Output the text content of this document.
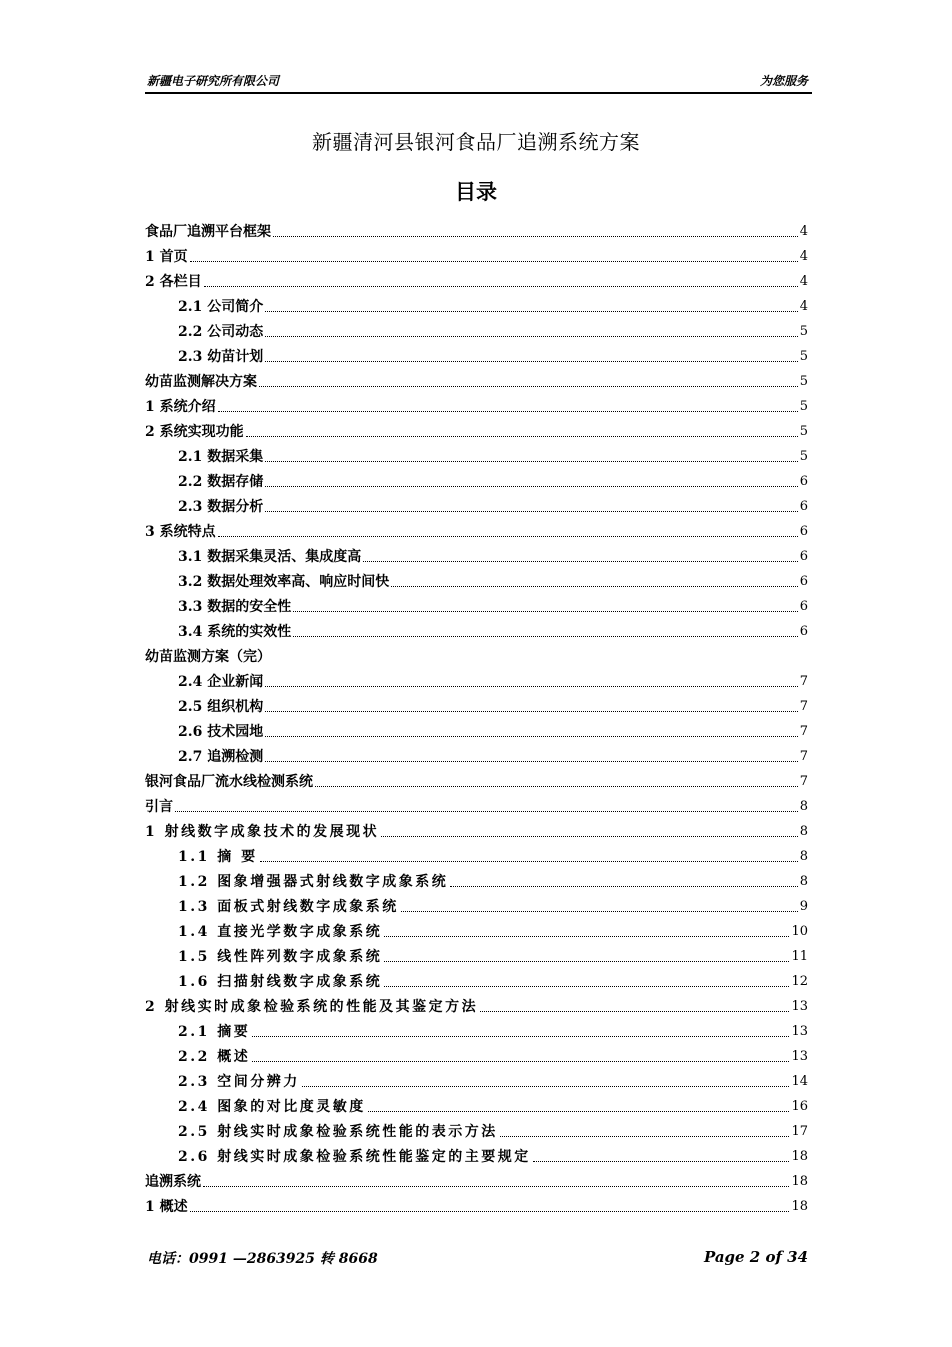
新疆电子研究所有限公司	为您服务
新疆清河县银河食品厂追溯系统方案
目录
食品厂追溯平台框架	4
1 首页	4
2 各栏目	4
2.1 公司简介	4
2.2 公司动态	5
2.3 幼苗计划	5
幼苗监测解决方案	5
1 系统介绍	5
2 系统实现功能	5
2.1 数据采集	5
2.2 数据存储	6
2.3 数据分析	6
3 系统特点	6
3.1 数据采集灵活、集成度高	6
3.2 数据处理效率高、响应时间快	6
3.3 数据的安全性	6
3.4 系统的实效性	6
幼苗监测方案（完）
2.4 企业新闻	7
2.5 组织机构	7
2.6 技术园地	7
2.7 追溯检测	7
银河食品厂流水线检测系统	7
引言	8
1 射线数字成象技术的发展现状	8
1.1 摘 要	8
1.2 图象增强器式射线数字成象系统	8
1.3 面板式射线数字成象系统	9
1.4 直接光学数字成象系统	10
1.5 线性阵列数字成象系统	11
1.6 扫描射线数字成象系统	12
2 射线实时成象检验系统的性能及其鉴定方法	13
2.1 摘要	13
2.2 概述	13
2.3 空间分辨力	14
2.4 图象的对比度灵敏度	16
2.5 射线实时成象检验系统性能的表示方法	17
2.6 射线实时成象检验系统性能鉴定的主要规定	18
追溯系统	18
1 概述	18
电话：0991 —2863925 转 8668	Page 2 of 34
